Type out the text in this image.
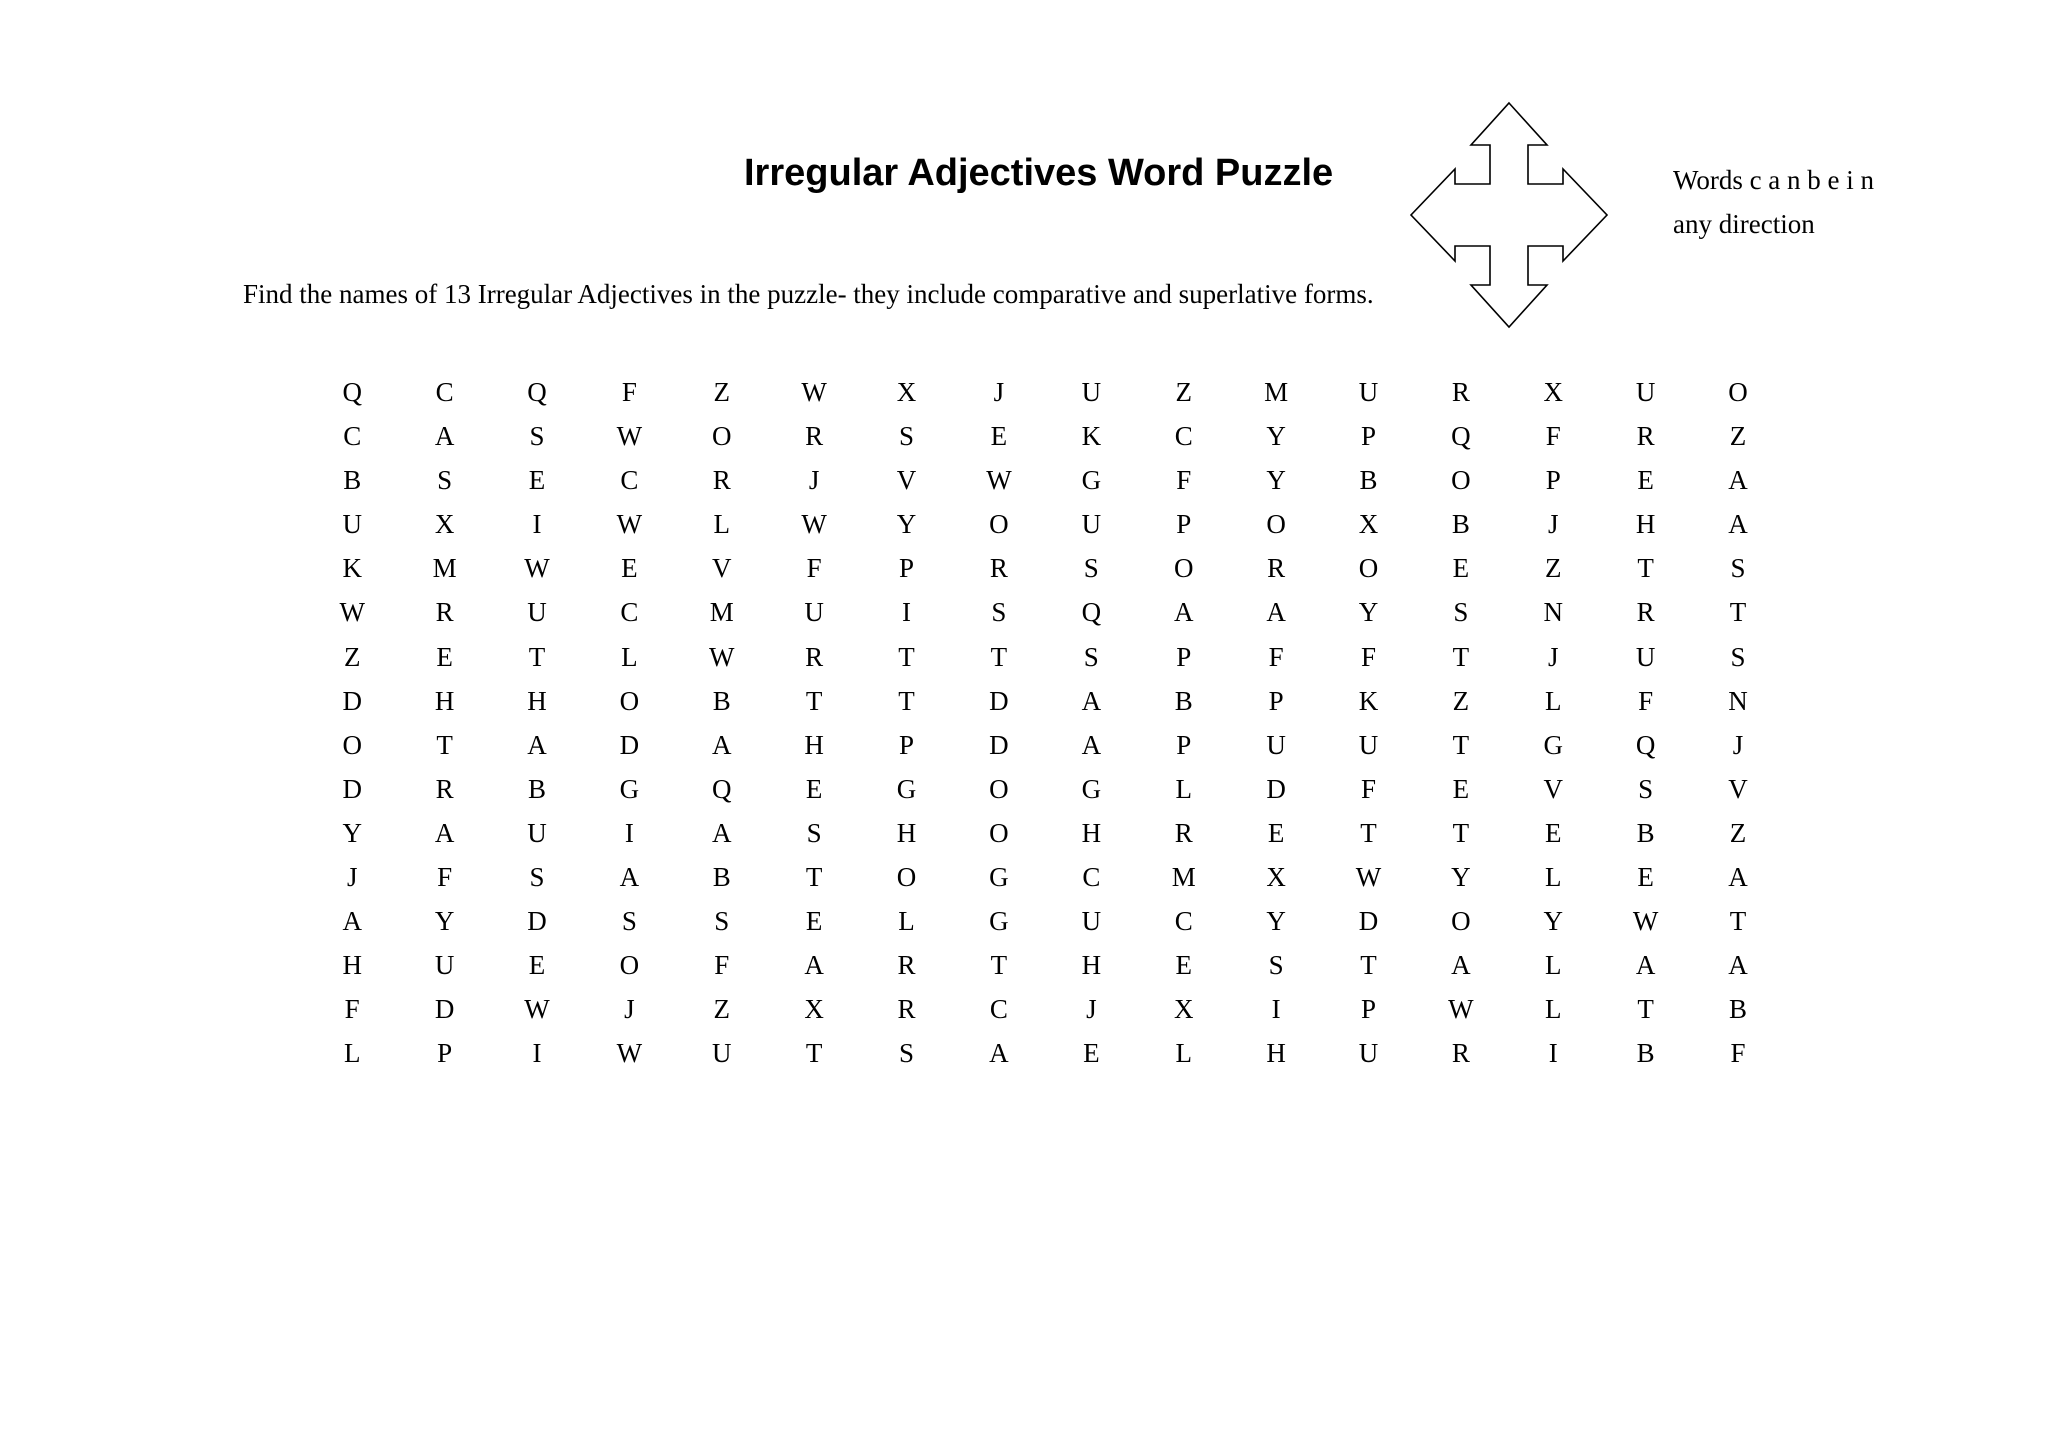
Irregular Adjectives Word Puzzle	Words c a n b e i n
any direction
Find the names of 13 Irregular Adjectives in the puzzle- they include comparative and superlative forms.
Q	C	Q	F	Z	W	X	J	U	Z	M	U	R	X	U	O
C	A	S	W	O	R	S	E	K	C	Y	P	Q	F	R	Z
B	S	E	C	R	J	V	W	G	F	Y	B	O	P	E	A
U	X	I	W	L	W	Y	O	U	P	O	X	B	J	H	A
K	M	W	E	V	F	P	R	S	O	R	O	E	Z	T	S
W	R	U	C	M	U	I	S	Q	A	A	Y	S	N	R	T
Z	E	T	L	W	R	T	T	S	P	F	F	T	J	U	S
D	H	H	O	B	T	T	D	A	B	P	K	Z	L	F	N
O	T	A	D	A	H	P	D	A	P	U	U	T	G	Q	J
D	R	B	G	Q	E	G	O	G	L	D	F	E	V	S	V
Y	A	U	I	A	S	H	O	H	R	E	T	T	E	B	Z
J	F	S	A	B	T	O	G	C	M	X	W	Y	L	E	A
A	Y	D	S	S	E	L	G	U	C	Y	D	O	Y	W	T
H	U	E	O	F	A	R	T	H	E	S	T	A	L	A	A
F	D	W	J	Z	X	R	C	J	X	I	P	W	L	T	B
L	P	I	W	U	T	S	A	E	L	H	U	R	I	B	F
